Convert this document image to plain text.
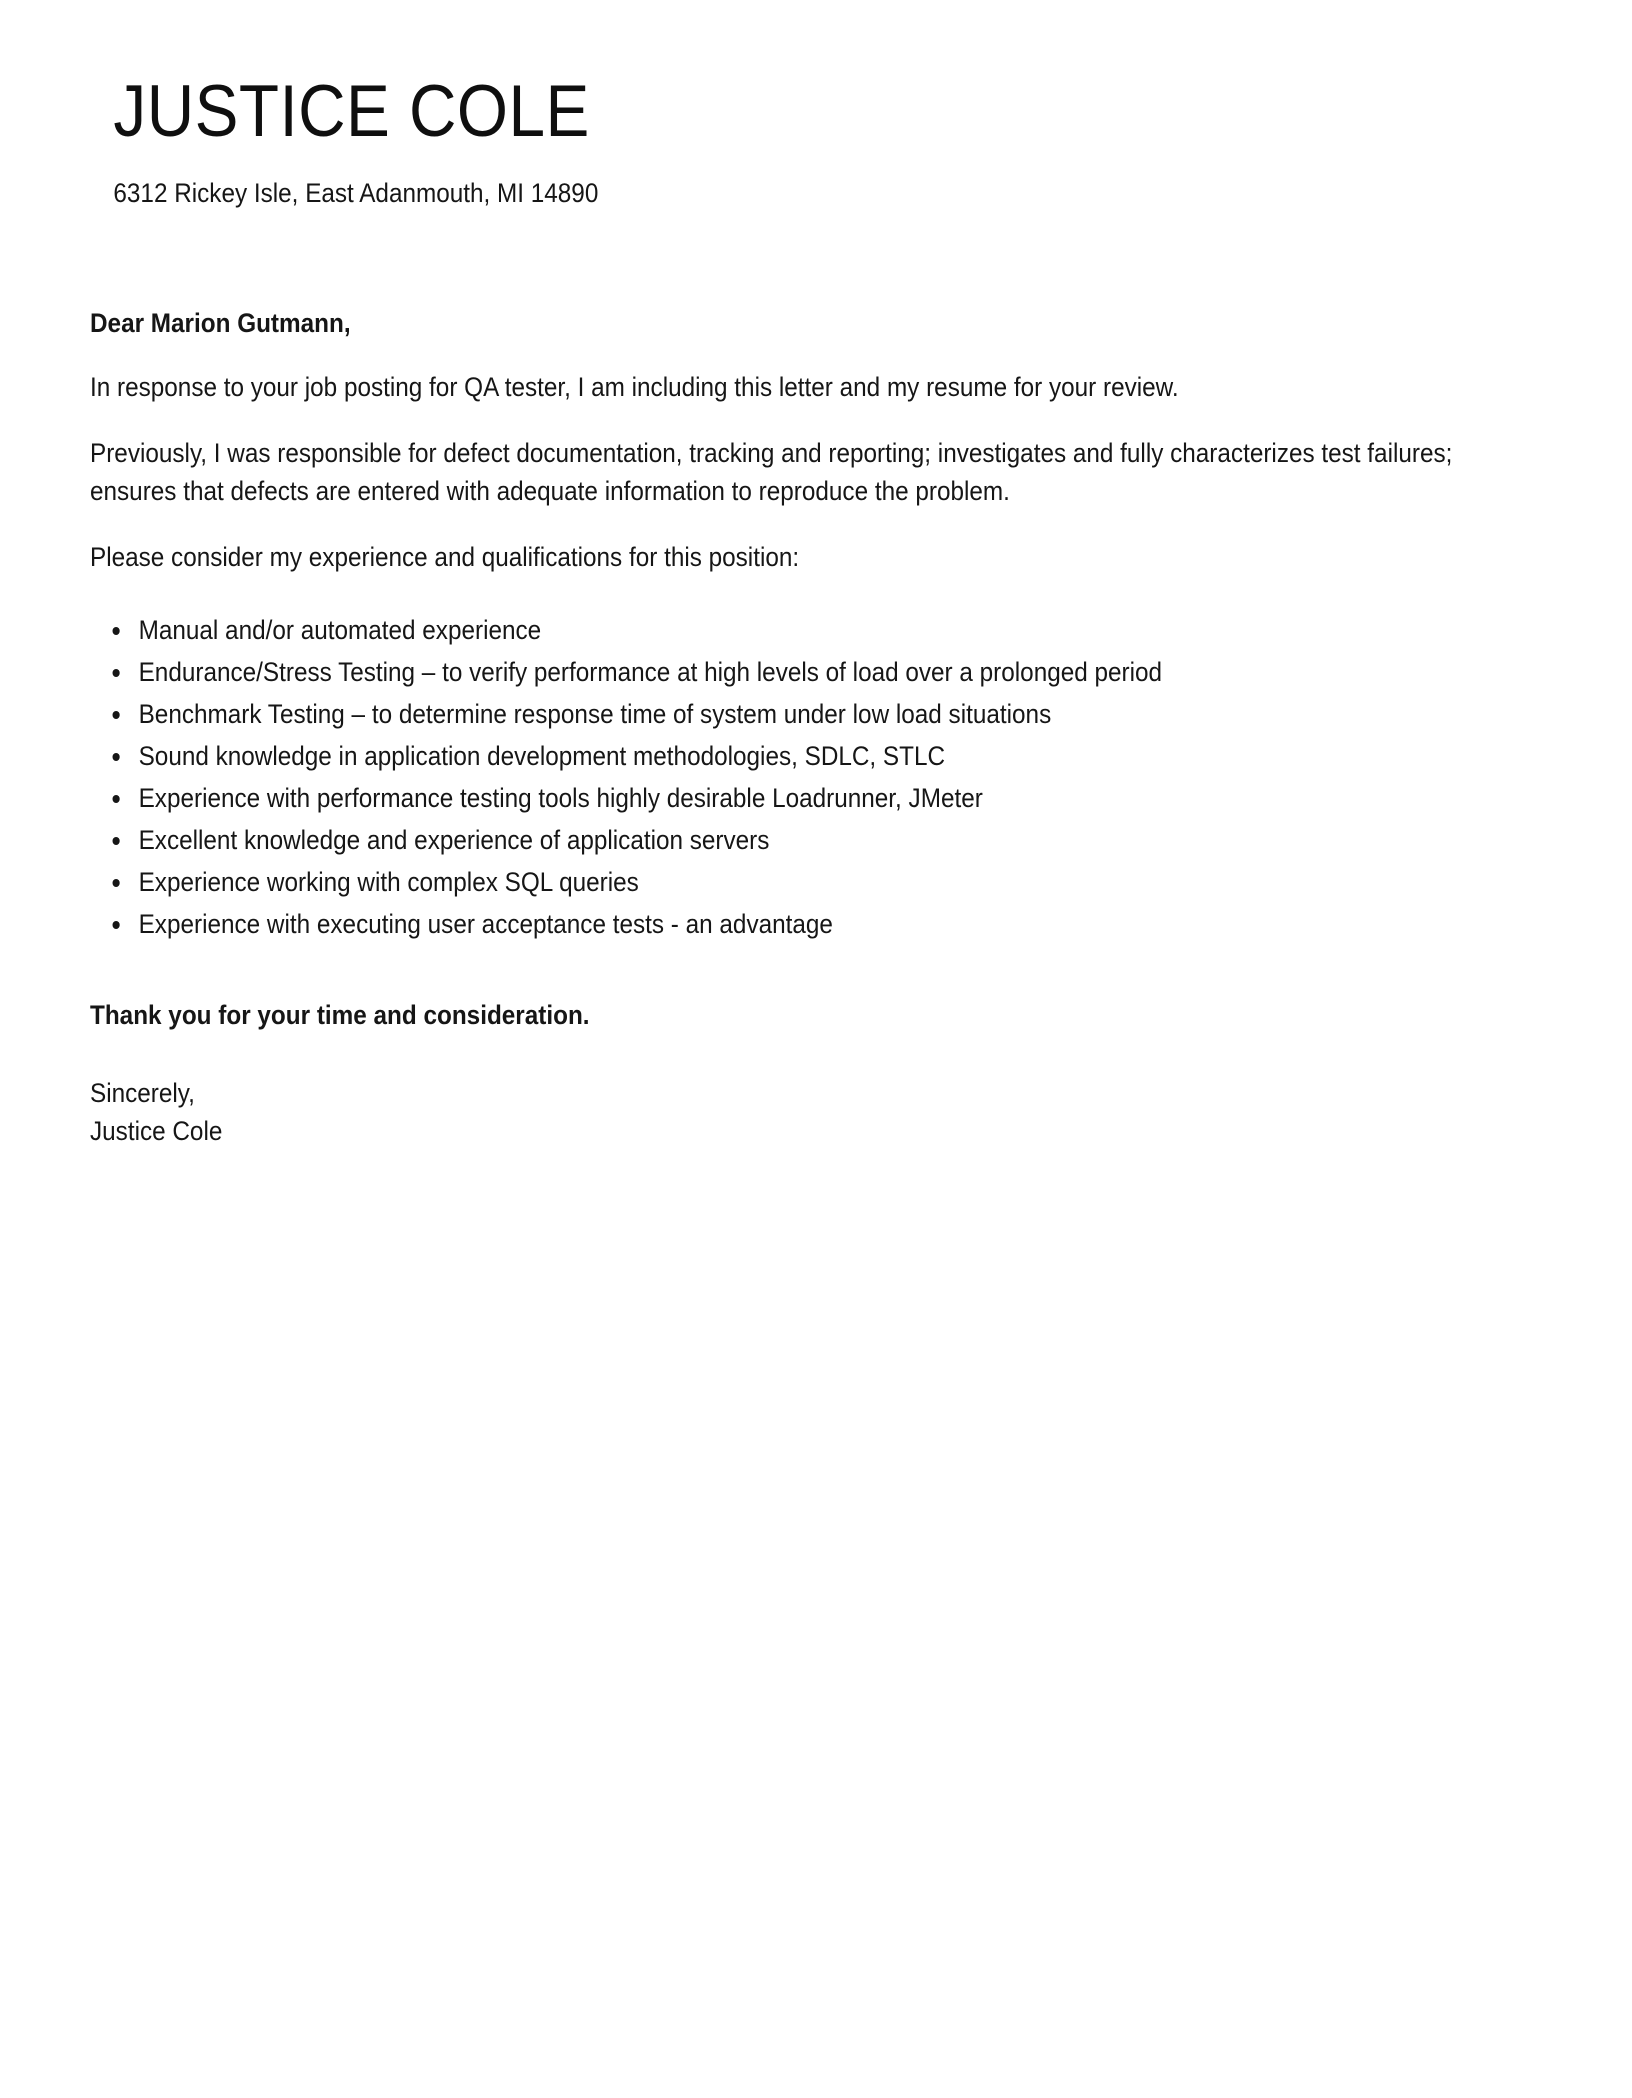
JUSTICE COLE

6312 Rickey Isle, East Adanmouth, MI 14890

Dear Marion Gutmann,

In response to your job posting for QA tester, I am including this letter and my resume for your review.

Previously, I was responsible for defect documentation, tracking and reporting; investigates and fully characterizes test failures; ensures that defects are entered with adequate information to reproduce the problem.

Please consider my experience and qualifications for this position:

• Manual and/or automated experience
• Endurance/Stress Testing – to verify performance at high levels of load over a prolonged period
• Benchmark Testing – to determine response time of system under low load situations
• Sound knowledge in application development methodologies, SDLC, STLC
• Experience with performance testing tools highly desirable Loadrunner, JMeter
• Excellent knowledge and experience of application servers
• Experience working with complex SQL queries
• Experience with executing user acceptance tests - an advantage

Thank you for your time and consideration.

Sincerely,

Justice Cole
